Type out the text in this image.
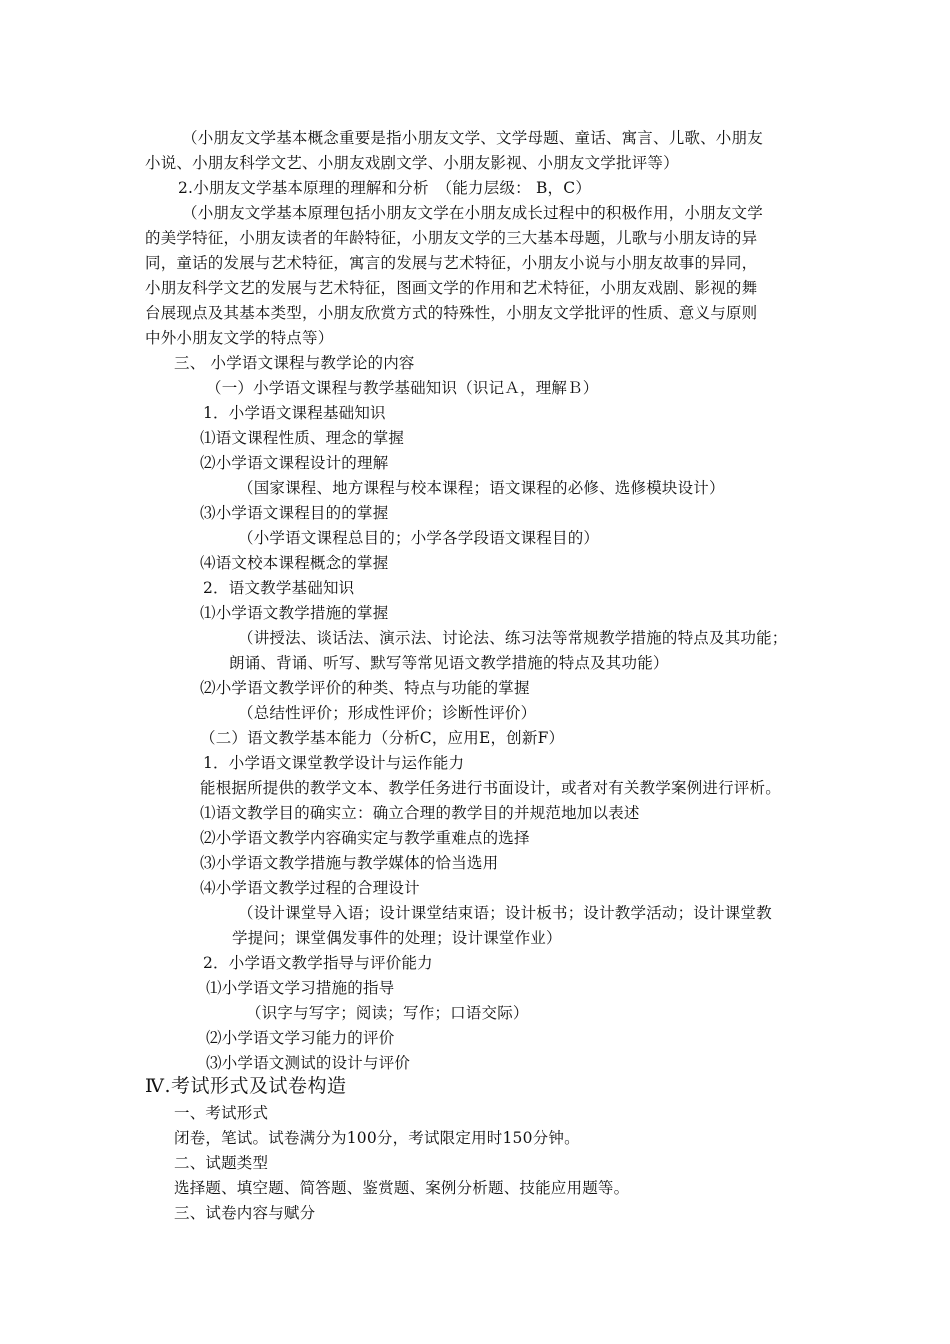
（小朋友文学基本概念重要是指小朋友文学、文学母题、童话、寓言、儿歌、小朋友
小说、小朋友科学文艺、小朋友戏剧文学、小朋友影视、小朋友文学批评等）
2.小朋友文学基本原理的理解和分析　（能力层级： B，C）
（小朋友文学基本原理包括小朋友文学在小朋友成长过程中的积极作用，小朋友文学
的美学特征，小朋友读者的年龄特征，小朋友文学的三大基本母题，儿歌与小朋友诗的异
同，童话的发展与艺术特征，寓言的发展与艺术特征，小朋友小说与小朋友故事的异同，
小朋友科学文艺的发展与艺术特征，图画文学的作用和艺术特征，小朋友戏剧、影视的舞
台展现点及其基本类型，小朋友欣赏方式的特殊性，小朋友文学批评的性质、意义与原则
中外小朋友文学的特点等）
三、 小学语文课程与教学论的内容
（一）小学语文课程与教学基础知识（识记Ａ，理解Ｂ）
1．小学语文课程基础知识
⑴语文课程性质、理念的掌握
⑵小学语文课程设计的理解
（国家课程、地方课程与校本课程；语文课程的必修、选修模块设计）
⑶小学语文课程目的的掌握
（小学语文课程总目的；小学各学段语文课程目的）
⑷语文校本课程概念的掌握
2．语文教学基础知识
⑴小学语文教学措施的掌握
（讲授法、谈话法、演示法、讨论法、练习法等常规教学措施的特点及其功能；
朗诵、背诵、听写、默写等常见语文教学措施的特点及其功能）
⑵小学语文教学评价的种类、特点与功能的掌握
（总结性评价；形成性评价；诊断性评价）
（二）语文教学基本能力（分析C，应用E，创新F）
1．小学语文课堂教学设计与运作能力
能根据所提供的教学文本、教学任务进行书面设计，或者对有关教学案例进行评析。
⑴语文教学目的确实立：确立合理的教学目的并规范地加以表述
⑵小学语文教学内容确实定与教学重难点的选择
⑶小学语文教学措施与教学媒体的恰当选用
⑷小学语文教学过程的合理设计
（设计课堂导入语；设计课堂结束语；设计板书；设计教学活动；设计课堂教
学提问；课堂偶发事件的处理；设计课堂作业）
2．小学语文教学指导与评价能力
⑴小学语文学习措施的指导
（识字与写字；阅读；写作；口语交际）
⑵小学语文学习能力的评价
⑶小学语文测试的设计与评价
Ⅳ.考试形式及试卷构造
一、考试形式
闭卷，笔试。试卷满分为100分，考试限定用时150分钟。
二、试题类型
选择题、填空题、简答题、鉴赏题、案例分析题、技能应用题等。
三、试卷内容与赋分
